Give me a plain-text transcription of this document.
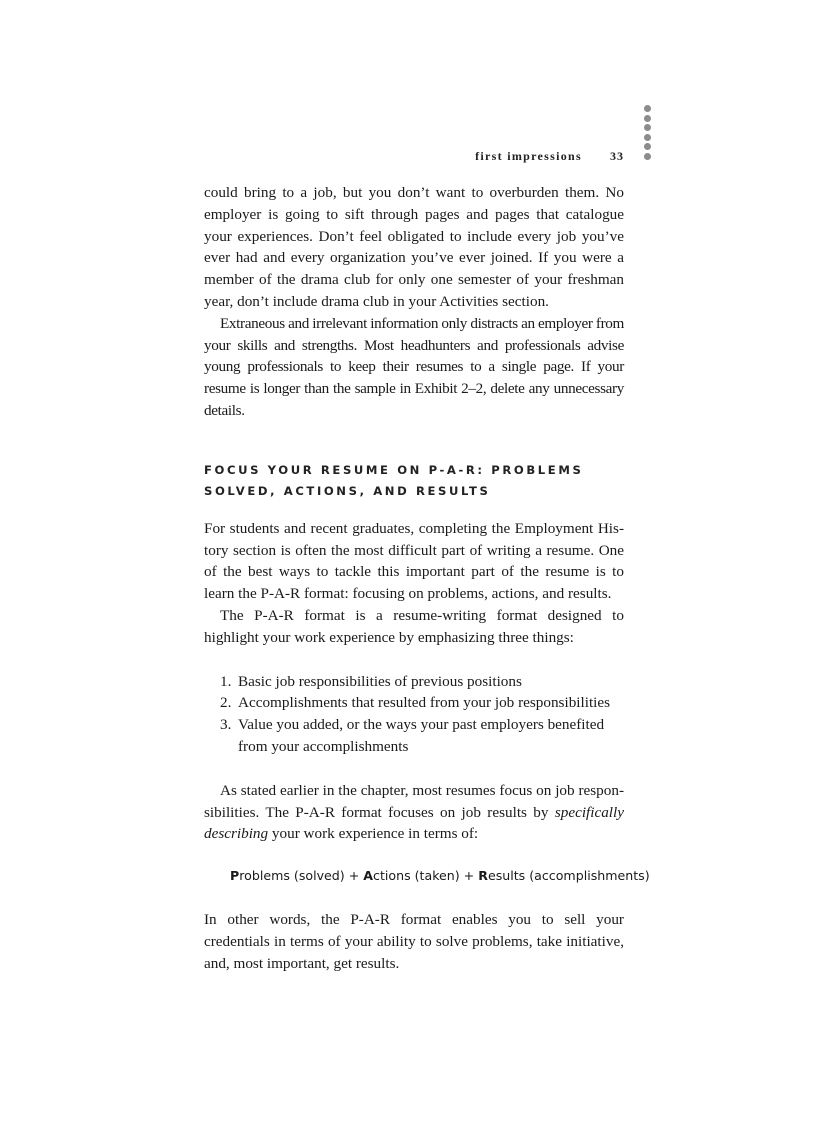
first impressions 33

could bring to a job, but you don’t want to overburden them. No employer is going to sift through pages and pages that catalogue your experiences. Don’t feel obligated to include every job you’ve ever had and every organization you’ve ever joined. If you were a member of the drama club for only one semester of your freshman year, don’t include drama club in your Activities section.

Extraneous and irrelevant information only distracts an employer from your skills and strengths. Most headhunters and professionals advise young professionals to keep their resumes to a single page. If your resume is longer than the sample in Exhibit 2–2, delete any unnecessary details.

FOCUS YOUR RESUME ON P-A-R: PROBLEMS SOLVED, ACTIONS, AND RESULTS

For students and recent graduates, completing the Employment History section is often the most difficult part of writing a resume. One of the best ways to tackle this important part of the resume is to learn the P-A-R format: focusing on problems, actions, and results.

The P-A-R format is a resume-writing format designed to highlight your work experience by emphasizing three things:

1. Basic job responsibilities of previous positions
2. Accomplishments that resulted from your job responsibilities
3. Value you added, or the ways your past employers benefited from your accomplishments

As stated earlier in the chapter, most resumes focus on job responsibilities. The P-A-R format focuses on job results by specifically describing your work experience in terms of:

Problems (solved) + Actions (taken) + Results (accomplishments)

In other words, the P-A-R format enables you to sell your credentials in terms of your ability to solve problems, take initiative, and, most important, get results.
